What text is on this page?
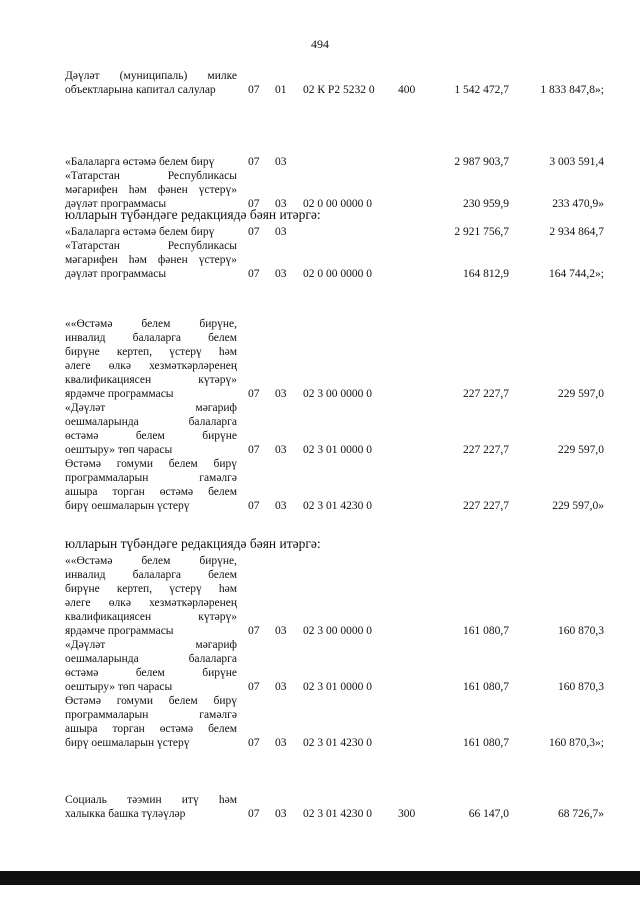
494
юлларын түбәндәге редакциядә бәян итәргә:
юлларын түбәндәге редакциядә бәян итәргә:

Дәүләт (муниципаль) милке

объектларына капитал салулар	07 01 02 К Р2 5232 0 400	1 542 472,7	1 833 847,8»;

«Балаларга өстәмә белем бирү	07 03	2 987 903,7	3 003 591,4

«Татарстан Республикасы

мәгарифен һәм фәнен үстерү»

дәүләт программасы	07 03 02 0 00 0000 0	230 959,9	233 470,9»

«Балаларга өстәмә белем бирү	07 03	2 921 756,7	2 934 864,7

«Татарстан Республикасы

мәгарифен һәм фәнен үстерү»

дәүләт программасы	07 03 02 0 00 0000 0	164 812,9	164 744,2»;

««Өстәмә белем бирүне,

инвалид балаларга белем

бирүне кертеп, үстерү һәм

әлеге өлкә хезмәткәрләренең

квалификациясен күтәрү»

ярдәмче программасы	07 03 02 3 00 0000 0	227 227,7	229 597,0

«Дәүләт мәгариф

оешмаларында балаларга

өстәмә белем бирүне

оештыру» төп чарасы	07 03 02 3 01 0000 0	227 227,7	229 597,0

Өстәмә гомуми белем бирү

программаларын гамәлгә

ашыра торган өстәмә белем

бирү оешмаларын үстерү	07 03 02 3 01 4230 0	227 227,7	229 597,0»

««Өстәмә белем бирүне,

инвалид балаларга белем

бирүне кертеп, үстерү һәм

әлеге өлкә хезмәткәрләренең

квалификациясен күтәрү»

ярдәмче программасы	07 03 02 3 00 0000 0	161 080,7	160 870,3

«Дәүләт мәгариф

оешмаларында балаларга

өстәмә белем бирүне

оештыру» төп чарасы	07 03 02 3 01 0000 0	161 080,7	160 870,3

Өстәмә гомуми белем бирү

программаларын гамәлгә

ашыра торган өстәмә белем

бирү оешмаларын үстерү	07 03 02 3 01 4230 0	161 080,7	160 870,3»;

Социаль тәэмин итү һәм

халыкка башка түләүләр	07 03 02 3 01 4230 0 300	66 147,0	68 726,7»
